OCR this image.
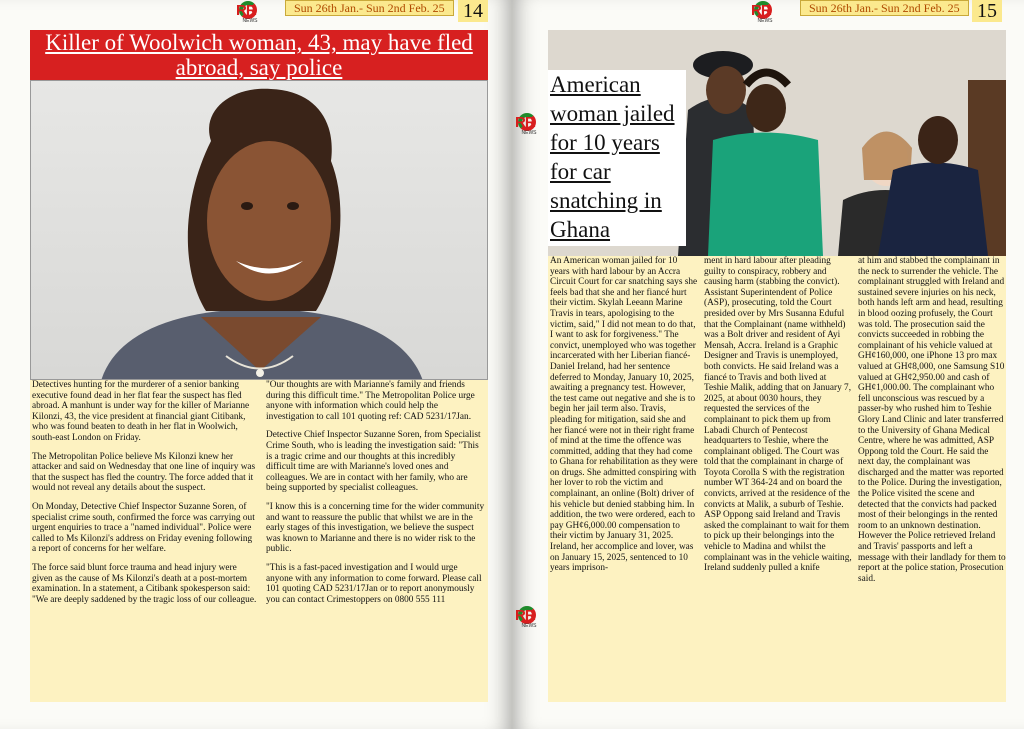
RR
NEWS
Sun 26th Jan.- Sun 2nd Feb. 25 14
Killer of Woolwich woman, 43, may have fled abroad, say police

Detectives hunting for the murderer of a senior banking executive found dead in her flat fear the suspect has fled abroad. A manhunt is under way for the killer of Marianne Kilonzi, 43, the vice president at financial giant Citibank, who was found beaten to death in her flat in Woolwich, south-east London on Friday.

The Metropolitan Police believe Ms Kilonzi knew her attacker and said on Wednesday that one line of inquiry was that the suspect has fled the country. The force added that it would not reveal any details about the suspect.

On Monday, Detective Chief Inspector Suzanne Soren, of specialist crime south, confirmed the force was carrying out urgent enquiries to trace a "named individual". Police were called to Ms Kilonzi's address on Friday evening following a report of concerns for her welfare.

The force said blunt force trauma and head injury were given as the cause of Ms Kilonzi's death at a post-mortem examination. In a statement, a Citibank spokesperson said: "We are deeply saddened by the tragic loss of our colleague.

"Our thoughts are with Marianne's family and friends during this difficult time." The Metropolitan Police urge anyone with information which could help the investigation to call 101 quoting ref: CAD 5231/17Jan.

Detective Chief Inspector Suzanne Soren, from Specialist Crime South, who is leading the investigation said: "This is a tragic crime and our thoughts at this incredibly difficult time are with Marianne's loved ones and colleagues. We are in contact with her family, who are being supported by specialist colleagues.

"I know this is a concerning time for the wider community and want to reassure the public that whilst we are in the early stages of this investigation, we believe the suspect was known to Marianne and there is no wider risk to the public.

"This is a fast-paced investigation and I would urge anyone with any information to come forward. Please call 101 quoting CAD 5231/17Jan or to report anonymously you can contact Crimestoppers on 0800 555 111

RR
NEWS
Sun 26th Jan.- Sun 2nd Feb. 25 15
RR
NEWS
American woman jailed for 10 years for car snatching in Ghana

An American woman jailed for 10 years with hard labour by an Accra Circuit Court for car snatching says she feels bad that she and her fiancé hurt their victim. Skylah Leeann Marine Travis in tears, apologising to the victim, said," I did not mean to do that, I want to ask for forgiveness." The convict, unemployed who was together incarcerated with her Liberian fiancé- Daniel Ireland, had her sentence deferred to Monday, January 10, 2025, awaiting a pregnancy test. However, the test came out negative and she is to begin her jail term also. Travis, pleading for mitigation, said she and her fiancé were not in their right frame of mind at the time the offence was committed, adding that they had come to Ghana for rehabilitation as they were on drugs. She admitted conspiring with her lover to rob the victim and complainant, an online (Bolt) driver of his vehicle but denied stabbing him. In addition, the two were ordered, each to pay GH¢6,000.00 compensation to their victim by January 31, 2025. Ireland, her accomplice and lover, was on January 15, 2025, sentenced to 10 years imprison-

ment in hard labour after pleading guilty to conspiracy, robbery and causing harm (stabbing the convict). Assistant Superintendent of Police (ASP), prosecuting, told the Court presided over by Mrs Susanna Eduful that the Complainant (name withheld) was a Bolt driver and resident of Ayi Mensah, Accra. Ireland is a Graphic Designer and Travis is unemployed, both convicts. He said Ireland was a fiancé to Travis and both lived at Teshie Malik, adding that on January 7, 2025, at about 0030 hours, they requested the services of the complainant to pick them up from Labadi Church of Pentecost headquarters to Teshie, where the complainant obliged. The Court was told that the complainant in charge of Toyota Corolla S with the registration number WT 364-24 and on board the convicts, arrived at the residence of the convicts at Malik, a suburb of Teshie. ASP Oppong said Ireland and Travis asked the complainant to wait for them to pick up their belongings into the vehicle to Madina and whilst the complainant was in the vehicle waiting, Ireland suddenly pulled a knife

at him and stabbed the complainant in the neck to surrender the vehicle. The complainant struggled with Ireland and sustained severe injuries on his neck, both hands left arm and head, resulting in blood oozing profusely, the Court was told. The prosecution said the convicts succeeded in robbing the complainant of his vehicle valued at GH¢160,000, one iPhone 13 pro max valued at GH¢8,000, one Samsung S10 valued at GH¢2,950.00 and cash of GH¢1,000.00. The complainant who fell unconscious was rescued by a passer-by who rushed him to Teshie Glory Land Clinic and later transferred to the University of Ghana Medical Centre, where he was admitted, ASP Oppong told the Court. He said the next day, the complainant was discharged and the matter was reported to the Police. During the investigation, the Police visited the scene and detected that the convicts had packed most of their belongings in the rented room to an unknown destination. However the Police retrieved Ireland and Travis' passports and left a message with their landlady for them to report at the police station, Prosecution said.

RR
NEWS
